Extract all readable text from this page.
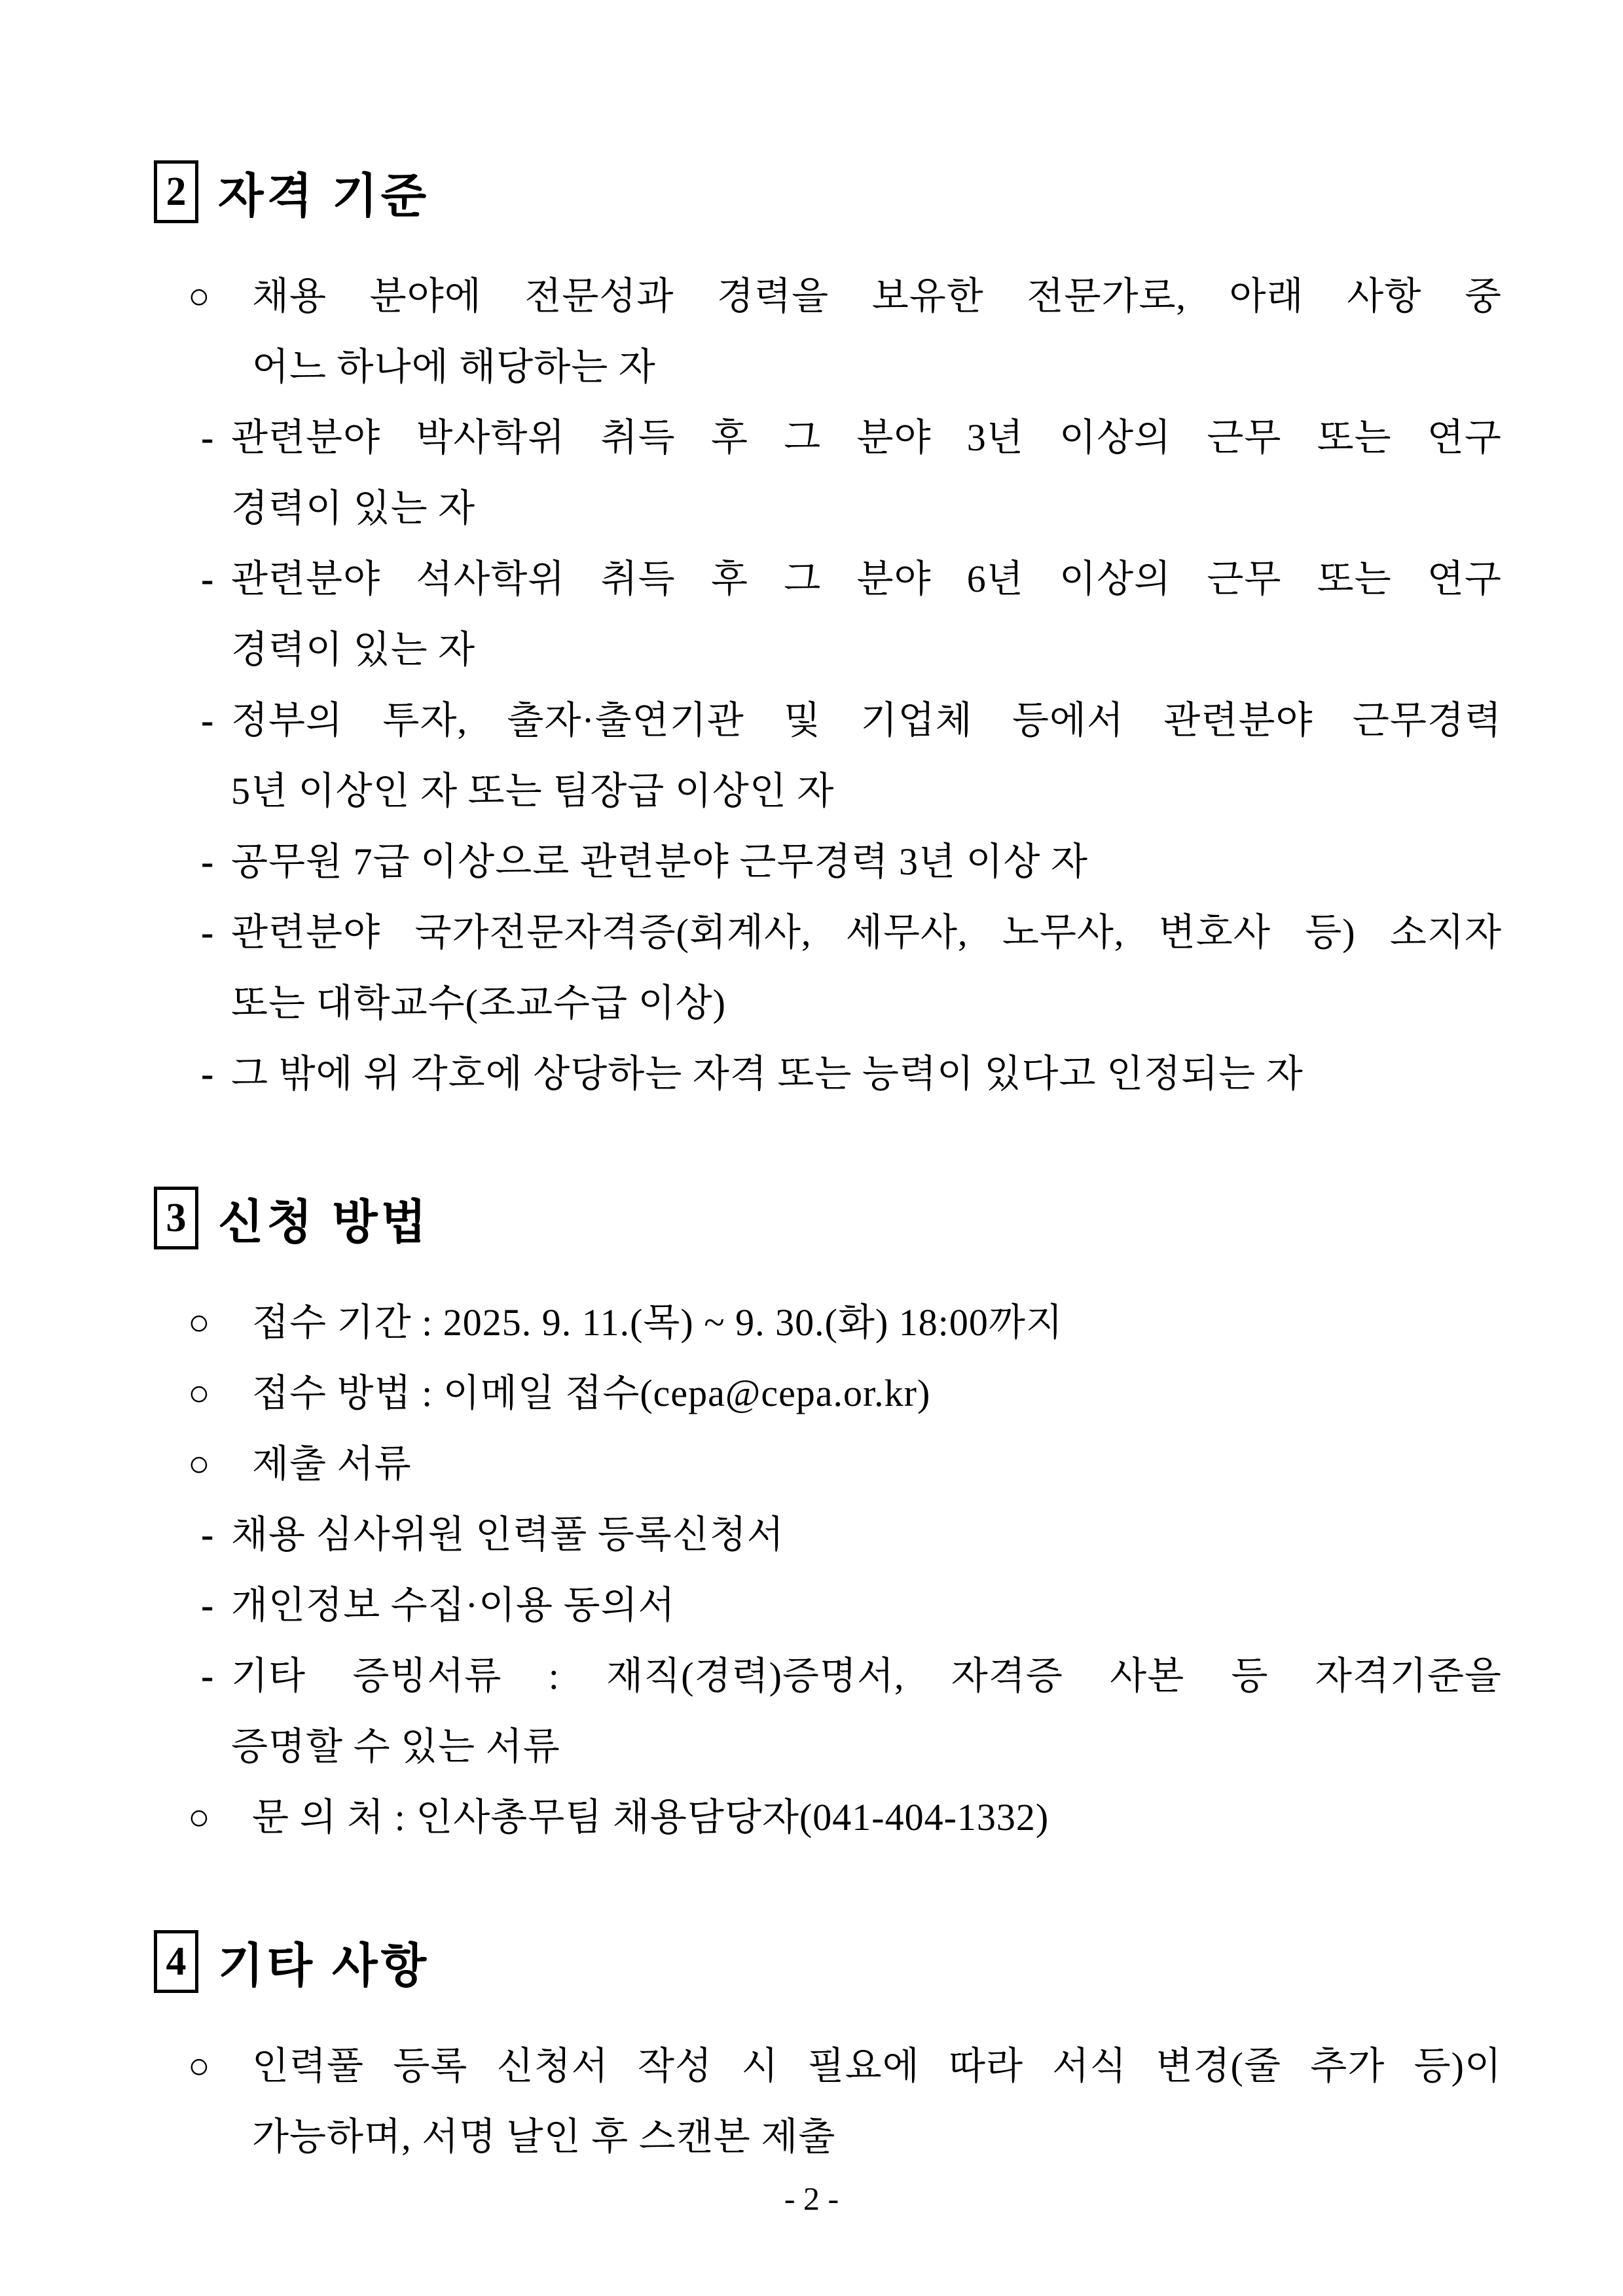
2 자격 기준
○ 채용 분야에 전문성과 경력을 보유한 전문가로, 아래 사항 중
어느 하나에 해당하는 자
- 관련분야 박사학위 취득 후 그 분야 3년 이상의 근무 또는 연구
경력이 있는 자
- 관련분야 석사학위 취득 후 그 분야 6년 이상의 근무 또는 연구
경력이 있는 자
- 정부의 투자, 출자·출연기관 및 기업체 등에서 관련분야 근무경력
5년 이상인 자 또는 팀장급 이상인 자
- 공무원 7급 이상으로 관련분야 근무경력 3년 이상 자
- 관련분야 국가전문자격증(회계사, 세무사, 노무사, 변호사 등) 소지자
또는 대학교수(조교수급 이상)
- 그 밖에 위 각호에 상당하는 자격 또는 능력이 있다고 인정되는 자
3 신청 방법
○ 접수 기간 : 2025. 9. 11.(목) ~ 9. 30.(화) 18:00까지
○ 접수 방법 : 이메일 접수(cepa@cepa.or.kr)
○ 제출 서류
- 채용 심사위원 인력풀 등록신청서
- 개인정보 수집·이용 동의서
- 기타 증빙서류 : 재직(경력)증명서, 자격증 사본 등 자격기준을
증명할 수 있는 서류
○ 문 의 처 : 인사총무팀 채용담당자(041-404-1332)
4 기타 사항
○ 인력풀 등록 신청서 작성 시 필요에 따라 서식 변경(줄 추가 등)이
가능하며, 서명 날인 후 스캔본 제출
- 2 -
